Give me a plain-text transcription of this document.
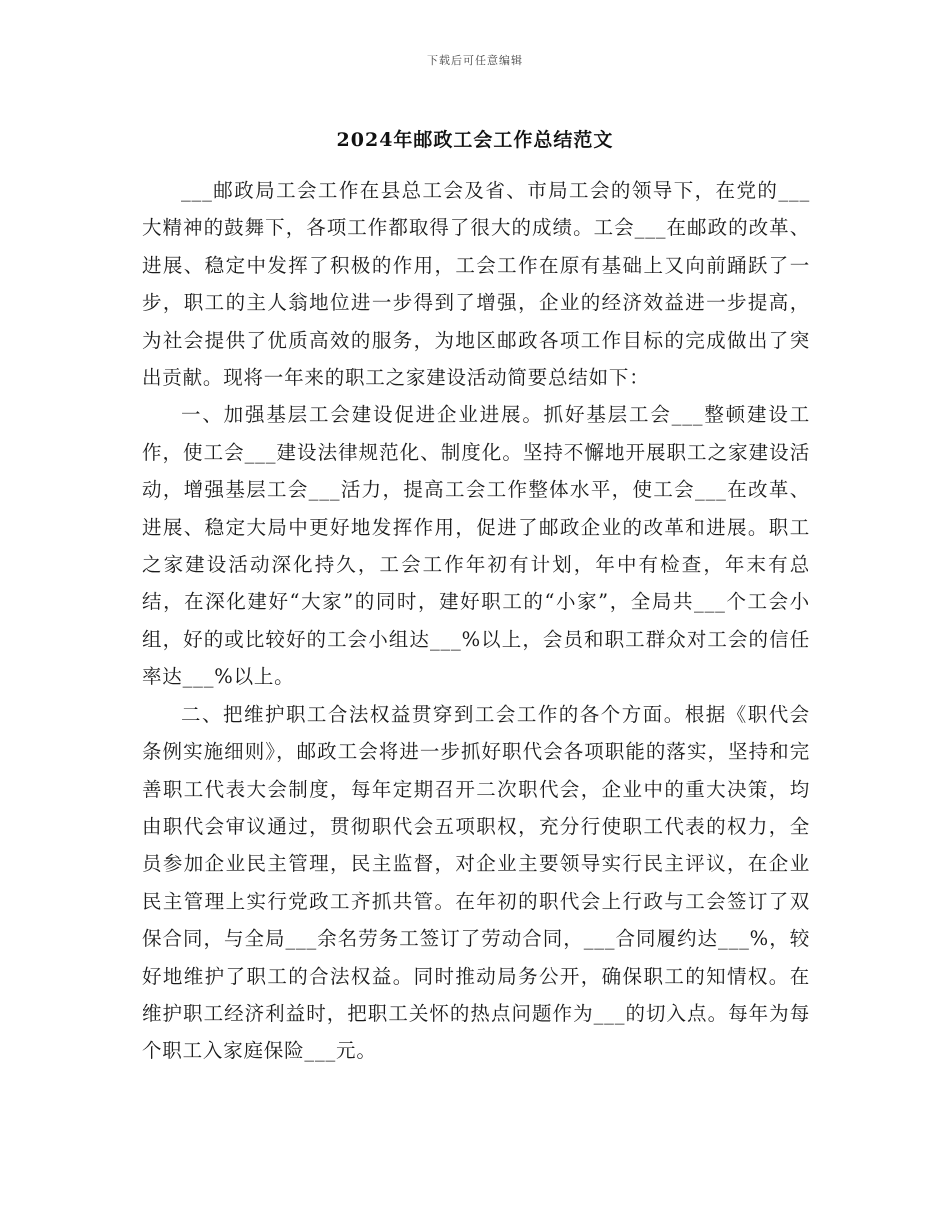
下载后可任意编辑
2024年邮政工会工作总结范文

___邮政局工会工作在县总工会及省、市局工会的领导下，在党的___大精神的鼓舞下，各项工作都取得了很大的成绩。工会___在邮政的改革、进展、稳定中发挥了积极的作用，工会工作在原有基础上又向前踊跃了一步，职工的主人翁地位进一步得到了增强，企业的经济效益进一步提高，为社会提供了优质高效的服务，为地区邮政各项工作目标的完成做出了突出贡献。现将一年来的职工之家建设活动简要总结如下：

一、加强基层工会建设促进企业进展。抓好基层工会___整顿建设工作，使工会___建设法律规范化、制度化。坚持不懈地开展职工之家建设活动，增强基层工会___活力，提高工会工作整体水平，使工会___在改革、进展、稳定大局中更好地发挥作用，促进了邮政企业的改革和进展。职工之家建设活动深化持久，工会工作年初有计划，年中有检查，年末有总结，在深化建好“大家”的同时，建好职工的“小家”，全局共___个工会小组，好的或比较好的工会小组达___%以上，会员和职工群众对工会的信任率达___%以上。

二、把维护职工合法权益贯穿到工会工作的各个方面。根据《职代会条例实施细则》，邮政工会将进一步抓好职代会各项职能的落实，坚持和完善职工代表大会制度，每年定期召开二次职代会，企业中的重大决策，均由职代会审议通过，贯彻职代会五项职权，充分行使职工代表的权力，全员参加企业民主管理，民主监督，对企业主要领导实行民主评议，在企业民主管理上实行党政工齐抓共管。在年初的职代会上行政与工会签订了双保合同，与全局___余名劳务工签订了劳动合同，___合同履约达___%，较好地维护了职工的合法权益。同时推动局务公开，确保职工的知情权。在维护职工经济利益时，把职工关怀的热点问题作为___的切入点。每年为每个职工入家庭保险___元。
